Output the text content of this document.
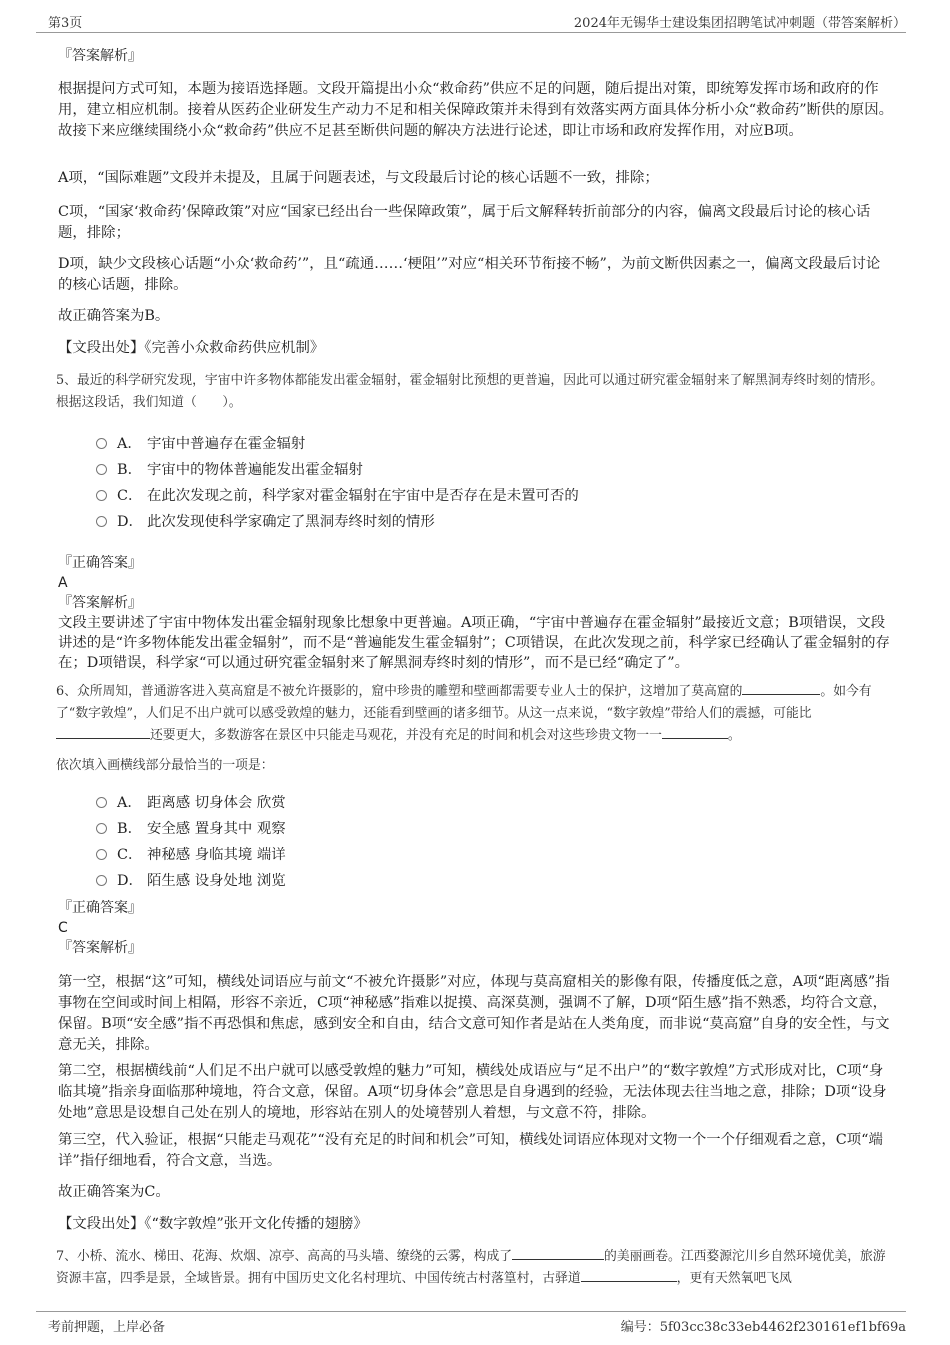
第3页	2024年无锡华士建设集团招聘笔试冲刺题（带答案解析）

『答案解析』

根据提问方式可知，本题为接语选择题。文段开篇提出小众“救命药”供应不足的问题，随后提出对策，即统筹发挥市场和政府的作用，建立相应机制。接着从医药企业研发生产动力不足和相关保障政策并未得到有效落实两方面具体分析小众“救命药”断供的原因。故接下来应继续围绕小众“救命药”供应不足甚至断供问题的解决方法进行论述，即让市场和政府发挥作用，对应B项。

A项，“国际难题”文段并未提及，且属于问题表述，与文段最后讨论的核心话题不一致，排除；

C项，“国家‘救命药’保障政策”对应“国家已经出台一些保障政策”，属于后文解释转折前部分的内容，偏离文段最后讨论的核心话题，排除；

D项，缺少文段核心话题“小众‘救命药’”，且“疏通……‘梗阻’”对应“相关环节衔接不畅”，为前文断供因素之一，偏离文段最后讨论的核心话题，排除。

故正确答案为B。

【文段出处】《完善小众救命药供应机制》

5、最近的科学研究发现，宇宙中许多物体都能发出霍金辐射，霍金辐射比预想的更普遍，因此可以通过研究霍金辐射来了解黑洞寿终时刻的情形。

根据这段话，我们知道（　　）。

A． 宇宙中普遍存在霍金辐射
B． 宇宙中的物体普遍能发出霍金辐射
C． 在此次发现之前，科学家对霍金辐射在宇宙中是否存在是未置可否的
D． 此次发现使科学家确定了黑洞寿终时刻的情形

『正确答案』

A

『答案解析』

文段主要讲述了宇宙中物体发出霍金辐射现象比想象中更普遍。A项正确，“宇宙中普遍存在霍金辐射”最接近文意；B项错误，文段讲述的是“许多物体能发出霍金辐射”，而不是“普遍能发生霍金辐射”；C项错误，在此次发现之前，科学家已经确认了霍金辐射的存在；D项错误，科学家“可以通过研究霍金辐射来了解黑洞寿终时刻的情形”，而不是已经“确定了”。

6、众所周知，普通游客进入莫高窟是不被允许摄影的，窟中珍贵的雕塑和壁画都需要专业人士的保护，这增加了莫高窟的	。如今有了“数字敦煌”，人们足不出户就可以感受敦煌的魅力，还能看到壁画的诸多细节。从这一点来说，“数字敦煌”带给人们的震撼，可能比还要更大，多数游客在景区中只能走马观花，并没有充足的时间和机会对这些珍贵文物一一	。

依次填入画横线部分最恰当的一项是：

A． 距离感 切身体会 欣赏
B． 安全感 置身其中 观察
C． 神秘感 身临其境 端详
D． 陌生感 设身处地 浏览

『正确答案』

C

『答案解析』

第一空，根据“这”可知，横线处词语应与前文“不被允许摄影”对应，体现与莫高窟相关的影像有限，传播度低之意，A项“距离感”指事物在空间或时间上相隔，形容不亲近，C项“神秘感”指难以捉摸、高深莫测，强调不了解，D项“陌生感”指不熟悉，均符合文意，保留。B项“安全感”指不再恐惧和焦虑，感到安全和自由，结合文意可知作者是站在人类角度，而非说“莫高窟”自身的安全性，与文意无关，排除。

第二空，根据横线前“人们足不出户就可以感受敦煌的魅力”可知，横线处成语应与“足不出户”的“数字敦煌”方式形成对比，C项“身临其境”指亲身面临那种境地，符合文意，保留。A项“切身体会”意思是自身遇到的经验，无法体现去往当地之意，排除；D项“设身处地”意思是设想自己处在别人的境地，形容站在别人的处境替别人着想，与文意不符，排除。

第三空，代入验证，根据“只能走马观花”“没有充足的时间和机会”可知，横线处词语应体现对文物一个一个仔细观看之意，C项“端详”指仔细地看，符合文意，当选。

故正确答案为C。

【文段出处】《“数字敦煌”张开文化传播的翅膀》

7、小桥、流水、梯田、花海、炊烟、凉亭、高高的马头墙、缭绕的云雾，构成了	的美丽画卷。江西婺源沱川乡自然环境优美，旅游资源丰富，四季是景，全域皆景。拥有中国历史文化名村理坑、中国传统古村落篁村，古驿道	，更有天然氧吧飞凤

考前押题，上岸必备	编号：5f03cc38c33eb4462f230161ef1bf69a
